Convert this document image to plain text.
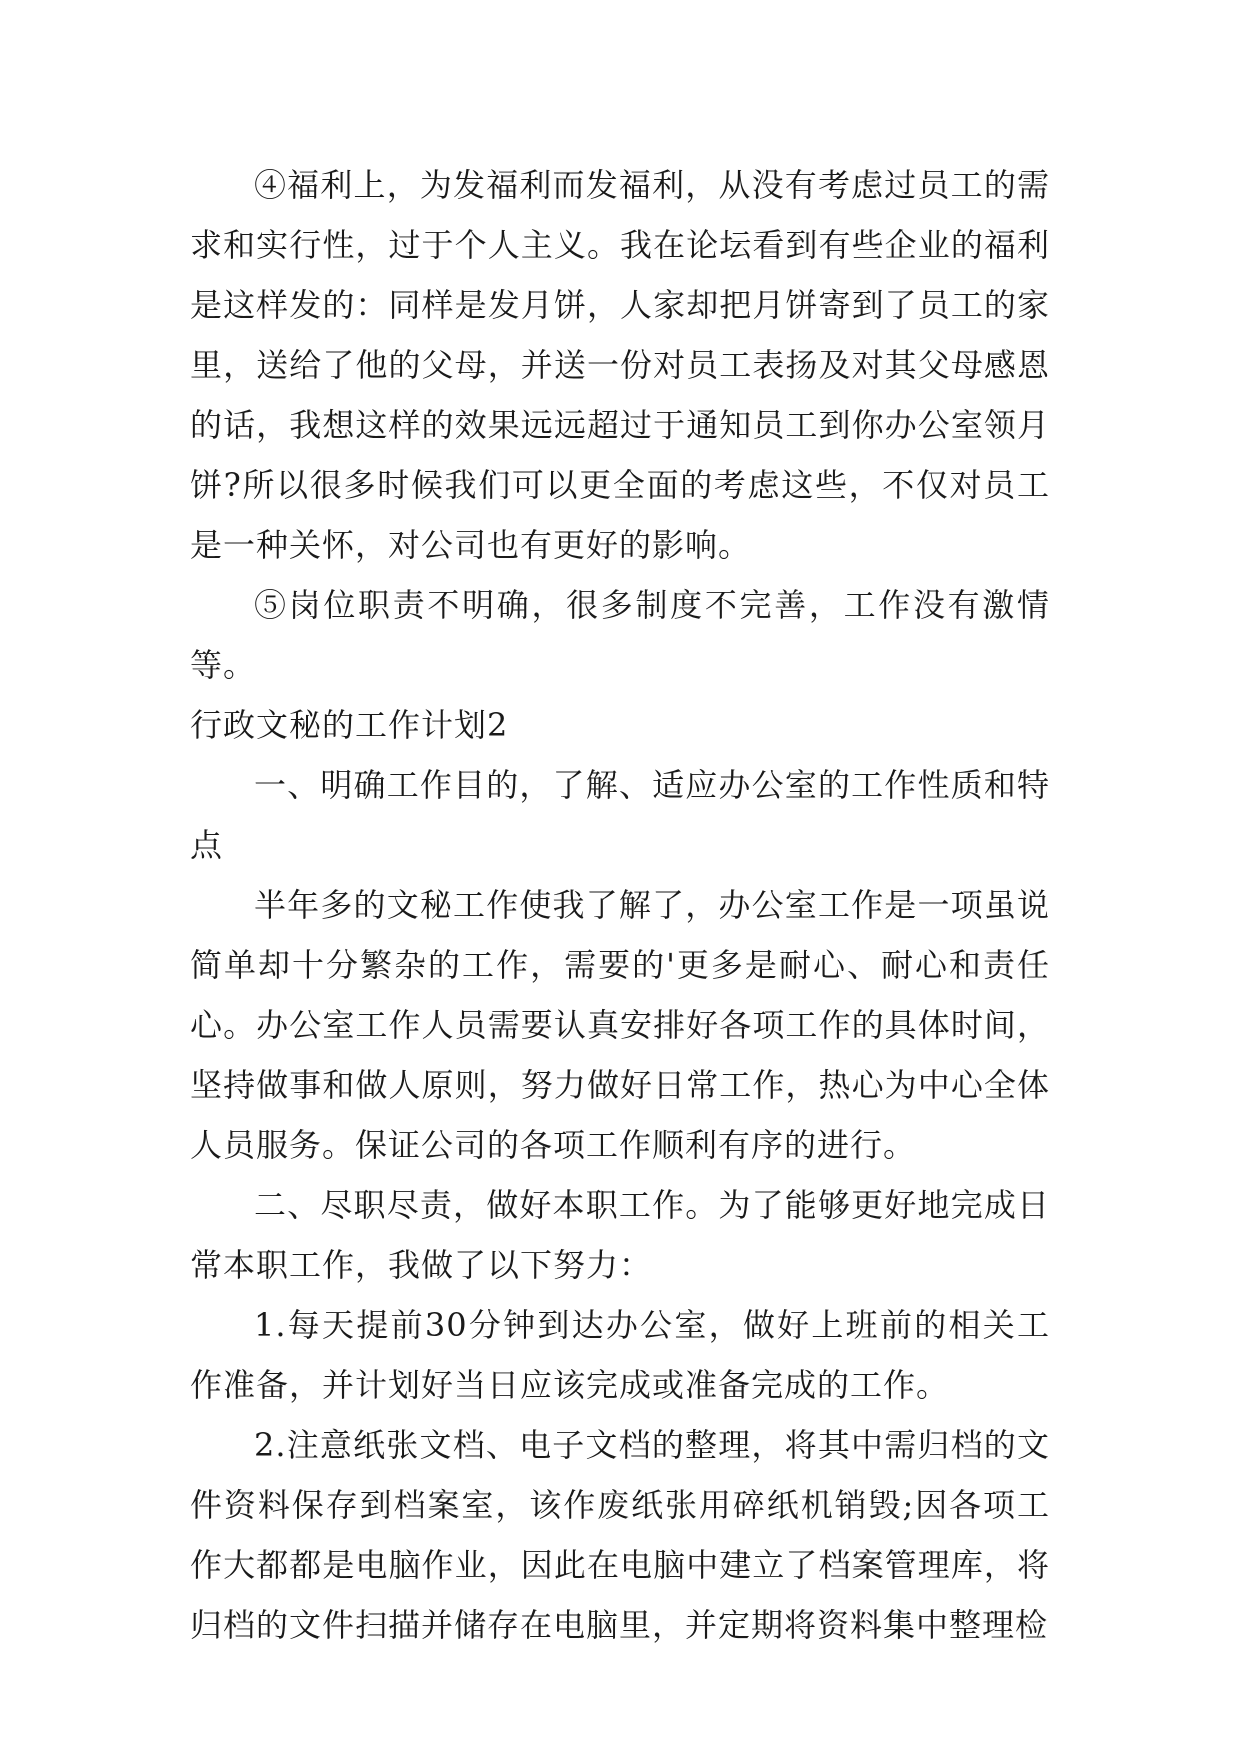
④福利上，为发福利而发福利，从没有考虑过员工的需求和实行性，过于个人主义。我在论坛看到有些企业的福利是这样发的：同样是发月饼，人家却把月饼寄到了员工的家里，送给了他的父母，并送一份对员工表扬及对其父母感恩的话，我想这样的效果远远超过于通知员工到你办公室领月饼?所以很多时候我们可以更全面的考虑这些，不仅对员工是一种关怀，对公司也有更好的影响。

⑤岗位职责不明确，很多制度不完善，工作没有激情等。

行政文秘的工作计划2

一、明确工作目的，了解、适应办公室的工作性质和特点

半年多的文秘工作使我了解了，办公室工作是一项虽说简单却十分繁杂的工作，需要的'更多是耐心、耐心和责任心。办公室工作人员需要认真安排好各项工作的具体时间，坚持做事和做人原则，努力做好日常工作，热心为中心全体人员服务。保证公司的各项工作顺利有序的进行。

二、尽职尽责，做好本职工作。为了能够更好地完成日常本职工作，我做了以下努力：

1.每天提前30分钟到达办公室，做好上班前的相关工作准备，并计划好当日应该完成或准备完成的工作。

2.注意纸张文档、电子文档的整理，将其中需归档的文件资料保存到档案室，该作废纸张用碎纸机销毁;因各项工作大都都是电脑作业，因此在电脑中建立了档案管理库，将归档的文件扫描并储存在电脑里，并定期将资料集中整理检
